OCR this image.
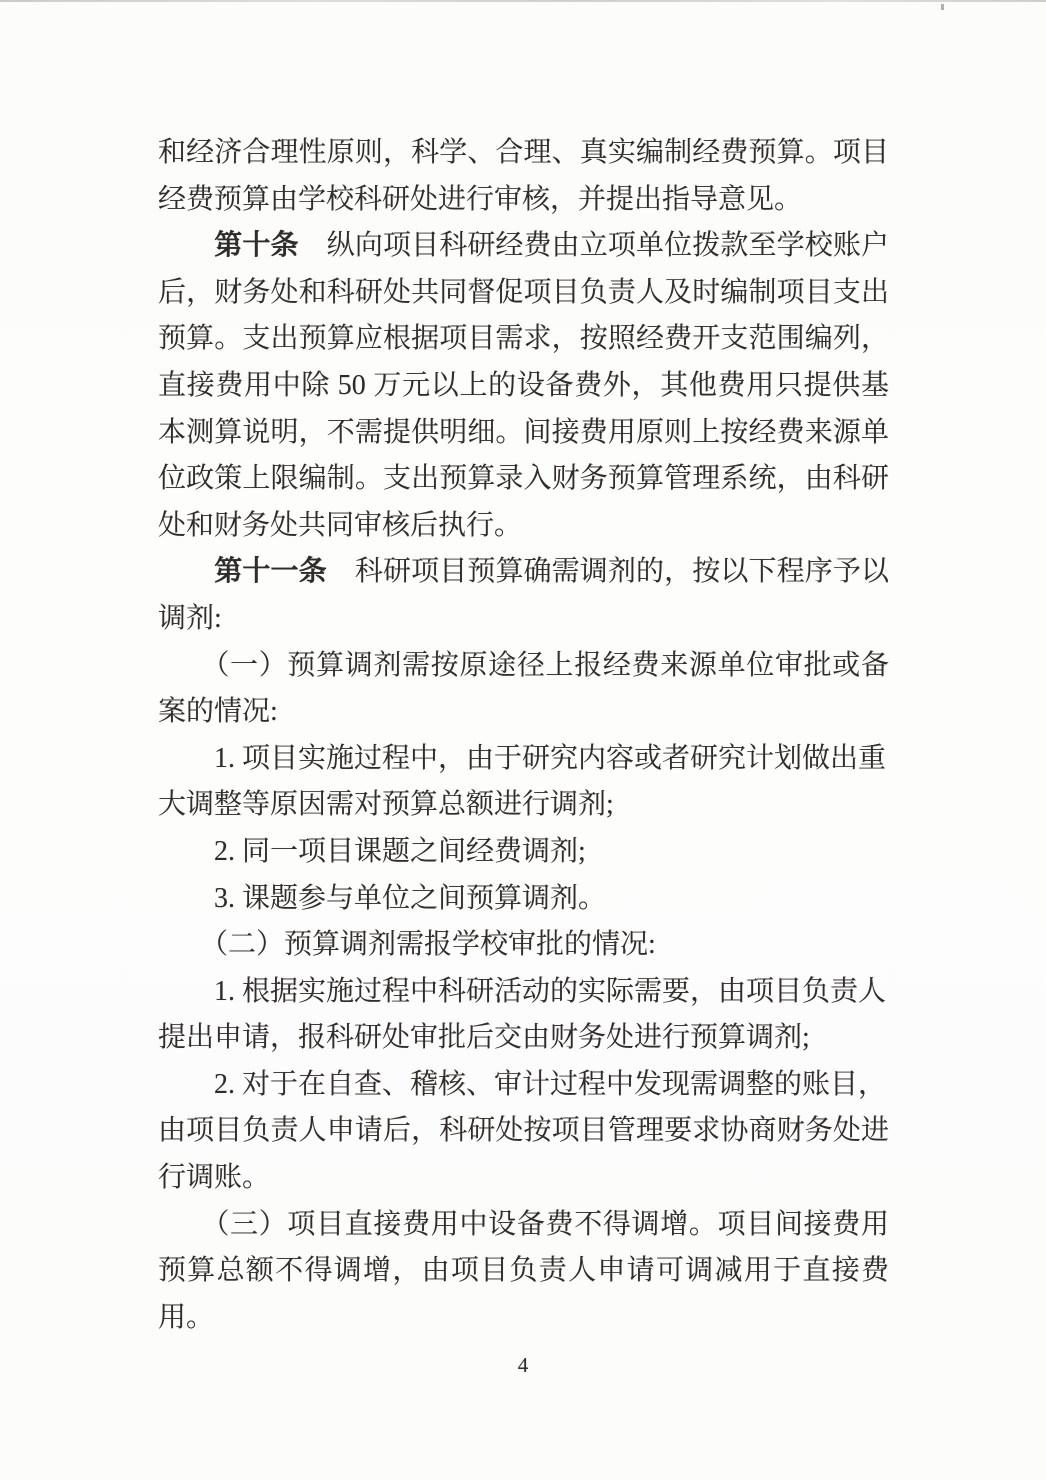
和经济合理性原则，科学、合理、真实编制经费预算。项目
经费预算由学校科研处进行审核，并提出指导意见。
　　第十条　纵向项目科研经费由立项单位拨款至学校账户
后，财务处和科研处共同督促项目负责人及时编制项目支出
预算。支出预算应根据项目需求，按照经费开支范围编列，
直接费用中除 50 万元以上的设备费外，其他费用只提供基
本测算说明，不需提供明细。间接费用原则上按经费来源单
位政策上限编制。支出预算录入财务预算管理系统，由科研
处和财务处共同审核后执行。
　　第十一条　科研项目预算确需调剂的，按以下程序予以
调剂:
　　（一）预算调剂需按原途径上报经费来源单位审批或备
案的情况:
　　1. 项目实施过程中，由于研究内容或者研究计划做出重
大调整等原因需对预算总额进行调剂;
　　2. 同一项目课题之间经费调剂;
　　3. 课题参与单位之间预算调剂。
　　（二）预算调剂需报学校审批的情况:
　　1. 根据实施过程中科研活动的实际需要，由项目负责人
提出申请，报科研处审批后交由财务处进行预算调剂;
　　2. 对于在自查、稽核、审计过程中发现需调整的账目，
由项目负责人申请后，科研处按项目管理要求协商财务处进
行调账。
　　（三）项目直接费用中设备费不得调增。项目间接费用
预算总额不得调增，由项目负责人申请可调减用于直接费
用。
4
